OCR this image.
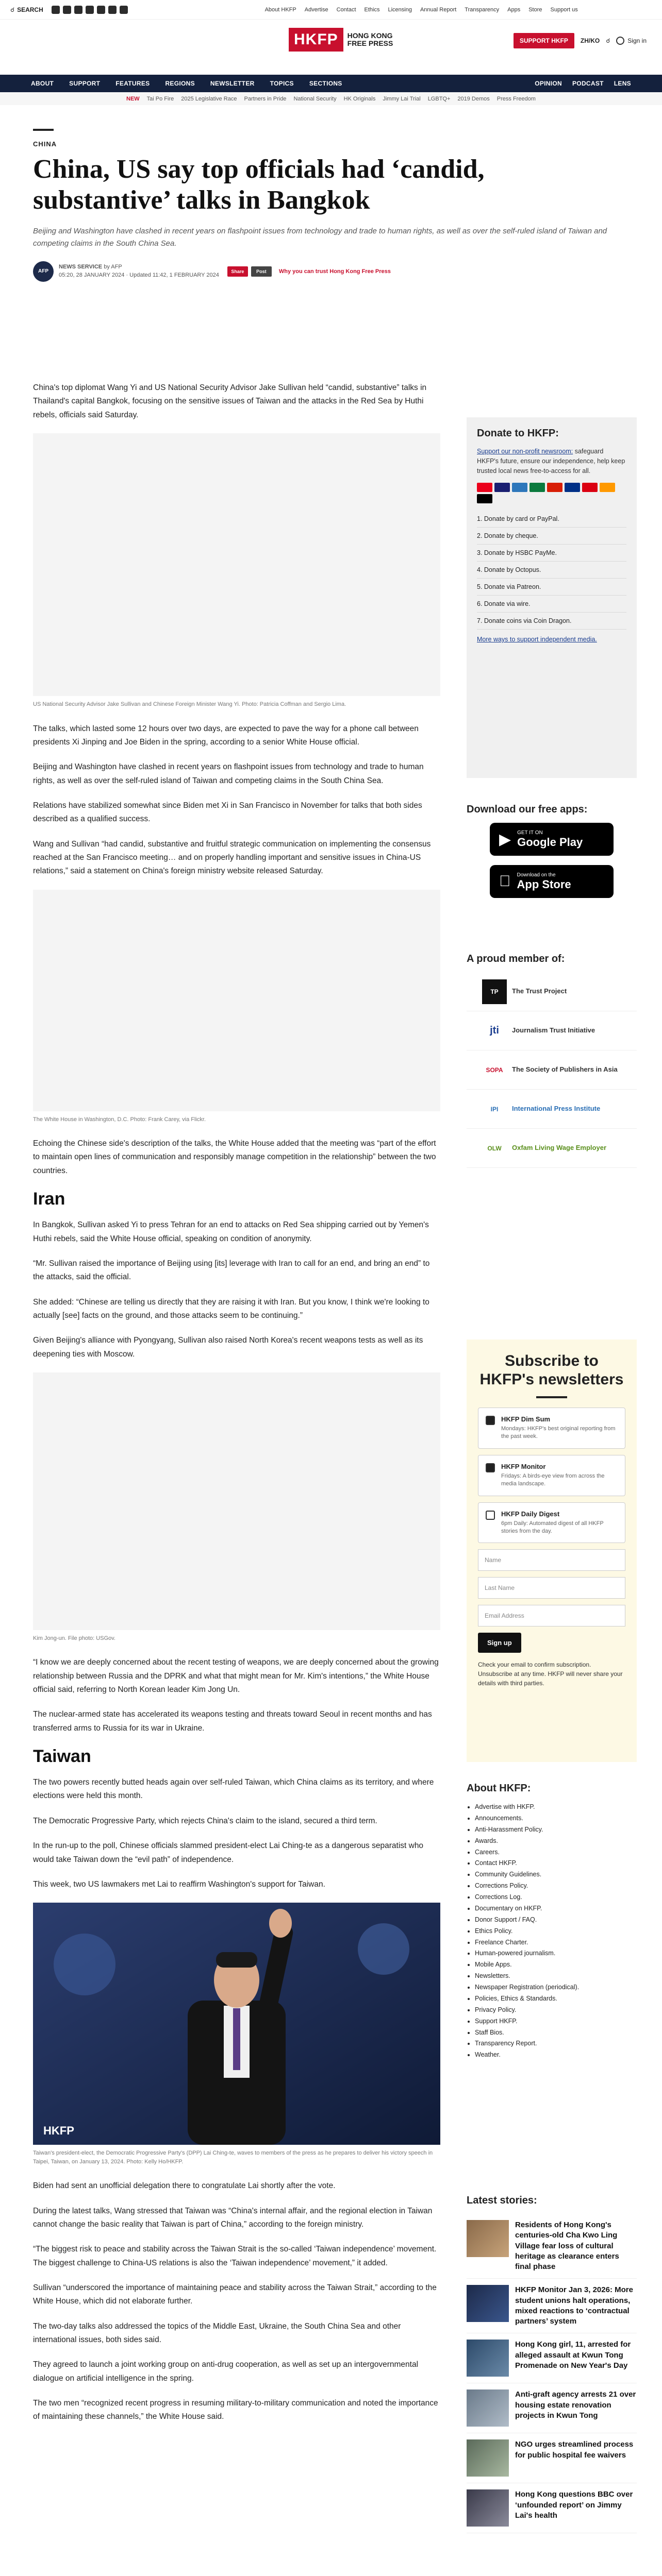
☌ SEARCH	About HKFP Advertise Contact Ethics Licensing Annual Report Transparency Apps Store Support us
HKFP	HONG KONG
FREE PRESS	SUPPORT HKFP	ZH/KO ☌	Sign in
ABOUT	SUPPORT	FEATURES	REGIONS	NEWSLETTER	TOPICS	SECTIONS	OPINION PODCAST LENS
NEW Tai Po Fire 2025 Legislative Race Partners in Pride National Security HK Originals Jimmy Lai Trial LGBTQ+ 2019 Demos Press Freedom
CHINA
China, US say top officials had ‘candid, substantive’ talks in Bangkok
Beijing and Washington have clashed in recent years on flashpoint issues from technology and trade to human rights, as well as over the self-ruled island of Taiwan and competing claims in the South China Sea.
AFP
NEWS SERVICE by AFP
05:20, 28 JANUARY 2024 · Updated 11:42, 1 FEBRUARY 2024
Share	Post	Why you can trust Hong Kong Free Press

China's top diplomat Wang Yi and US National Security Advisor Jake Sullivan held “candid, substantive” talks in Thailand's capital Bangkok, focusing on the sensitive issues of Taiwan and the attacks in the Red Sea by Huthi rebels, officials said Saturday.

US National Security Advisor Jake Sullivan and Chinese Foreign Minister Wang Yi. Photo: Patricia Coffman and Sergio Lima.

The talks, which lasted some 12 hours over two days, are expected to pave the way for a phone call between presidents Xi Jinping and Joe Biden in the spring, according to a senior White House official.

Beijing and Washington have clashed in recent years on flashpoint issues from technology and trade to human rights, as well as over the self-ruled island of Taiwan and competing claims in the South China Sea.

Relations have stabilized somewhat since Biden met Xi in San Francisco in November for talks that both sides described as a qualified success.

Wang and Sullivan “had candid, substantive and fruitful strategic communication on implementing the consensus reached at the San Francisco meeting… and on properly handling important and sensitive issues in China-US relations,” said a statement on China's foreign ministry website released Saturday.

The White House in Washington, D.C. Photo: Frank Carey, via Flickr.

Echoing the Chinese side's description of the talks, the White House added that the meeting was “part of the effort to maintain open lines of communication and responsibly manage competition in the relationship” between the two countries.

Iran

In Bangkok, Sullivan asked Yi to press Tehran for an end to attacks on Red Sea shipping carried out by Yemen's Huthi rebels, said the White House official, speaking on condition of anonymity.

“Mr. Sullivan raised the importance of Beijing using [its] leverage with Iran to call for an end, and bring an end” to the attacks, said the official.

She added: “Chinese are telling us directly that they are raising it with Iran. But you know, I think we're looking to actually [see] facts on the ground, and those attacks seem to be continuing.”

Given Beijing's alliance with Pyongyang, Sullivan also raised North Korea's recent weapons tests as well as its deepening ties with Moscow.

Kim Jong-un. File photo: USGov.

“I know we are deeply concerned about the recent testing of weapons, we are deeply concerned about the growing relationship between Russia and the DPRK and what that might mean for Mr. Kim's intentions,” the White House official said, referring to North Korean leader Kim Jong Un.

The nuclear-armed state has accelerated its weapons testing and threats toward Seoul in recent months and has transferred arms to Russia for its war in Ukraine.

Taiwan

The two powers recently butted heads again over self-ruled Taiwan, which China claims as its territory, and where elections were held this month.

The Democratic Progressive Party, which rejects China's claim to the island, secured a third term.

In the run-up to the poll, Chinese officials slammed president-elect Lai Ching-te as a dangerous separatist who would take Taiwan down the “evil path” of independence.

This week, two US lawmakers met Lai to reaffirm Washington's support for Taiwan.

HKFP
Taiwan's president-elect, the Democratic Progressive Party's (DPP) Lai Ching-te, waves to members of the press as he prepares to deliver his victory speech in Taipei, Taiwan, on January 13, 2024. Photo: Kelly Ho/HKFP.

Biden had sent an unofficial delegation there to congratulate Lai shortly after the vote.

During the latest talks, Wang stressed that Taiwan was “China's internal affair, and the regional election in Taiwan cannot change the basic reality that Taiwan is part of China,” according to the foreign ministry.

“The biggest risk to peace and stability across the Taiwan Strait is the so-called ‘Taiwan independence’ movement. The biggest challenge to China-US relations is also the ‘Taiwan independence’ movement,” it added.

Sullivan “underscored the importance of maintaining peace and stability across the Taiwan Strait,” according to the White House, which did not elaborate further.

The two-day talks also addressed the topics of the Middle East, Ukraine, the South China Sea and other international issues, both sides said.

They agreed to launch a joint working group on anti-drug cooperation, as well as set up an intergovernmental dialogue on artificial intelligence in the spring.

The two men “recognized recent progress in resuming military-to-military communication and noted the importance of maintaining these channels,” the White House said.

Donate to HKFP:
Support our non-profit newsroom: safeguard HKFP's future, ensure our independence, help keep trusted local news free-to-access for all.
1. Donate by card or PayPal.
2. Donate by cheque.
3. Donate by HSBC PayMe.
4. Donate by Octopus.
5. Donate via Patreon.
6. Donate via wire.
7. Donate coins via Coin Dragon.
More ways to support independent media.
Download our free apps:
▶ GET IT ON
Google Play
Download on the
App Store
A proud member of:
TP	The Trust Project
jti	Journalism Trust Initiative
SOPA	The Society of Publishers in Asia
IPI	International Press Institute
OLW	Oxfam Living Wage Employer
Subscribe to HKFP's newsletters
HKFP Dim Sum
Mondays: HKFP's best original reporting from the past week.
HKFP Monitor
Fridays: A birds-eye view from across the media landscape.
HKFP Daily Digest
6pm Daily: Automated digest of all HKFP stories from the day.
Name
Last Name
Email Address
Sign up
Check your email to confirm subscription. Unsubscribe at any time. HKFP will never share your details with third parties.
About HKFP:
• Advertise with HKFP.
• Announcements.
• Anti-Harassment Policy.
• Awards.
• Careers.
• Contact HKFP.
• Community Guidelines.
• Corrections Policy.
• Corrections Log.
• Documentary on HKFP.
• Donor Support / FAQ.
• Ethics Policy.
• Freelance Charter.
• Human-powered journalism.
• Mobile Apps.
• Newsletters.
• Newspaper Registration (periodical).
• Policies, Ethics & Standards.
• Privacy Policy.
• Support HKFP.
• Staff Bios.
• Transparency Report.
• Weather.
Latest stories:
Residents of Hong Kong's centuries-old Cha Kwo Ling Village fear loss of cultural heritage as clearance enters final phase
HKFP Monitor Jan 3, 2026: More student unions halt operations, mixed reactions to ‘contractual partners’ system
Hong Kong girl, 11, arrested for alleged assault at Kwun Tong Promenade on New Year's Day
Anti-graft agency arrests 21 over housing estate renovation projects in Kwun Tong
NGO urges streamlined process for public hospital fee waivers
Hong Kong questions BBC over ‘unfounded report’ on Jimmy Lai's health
